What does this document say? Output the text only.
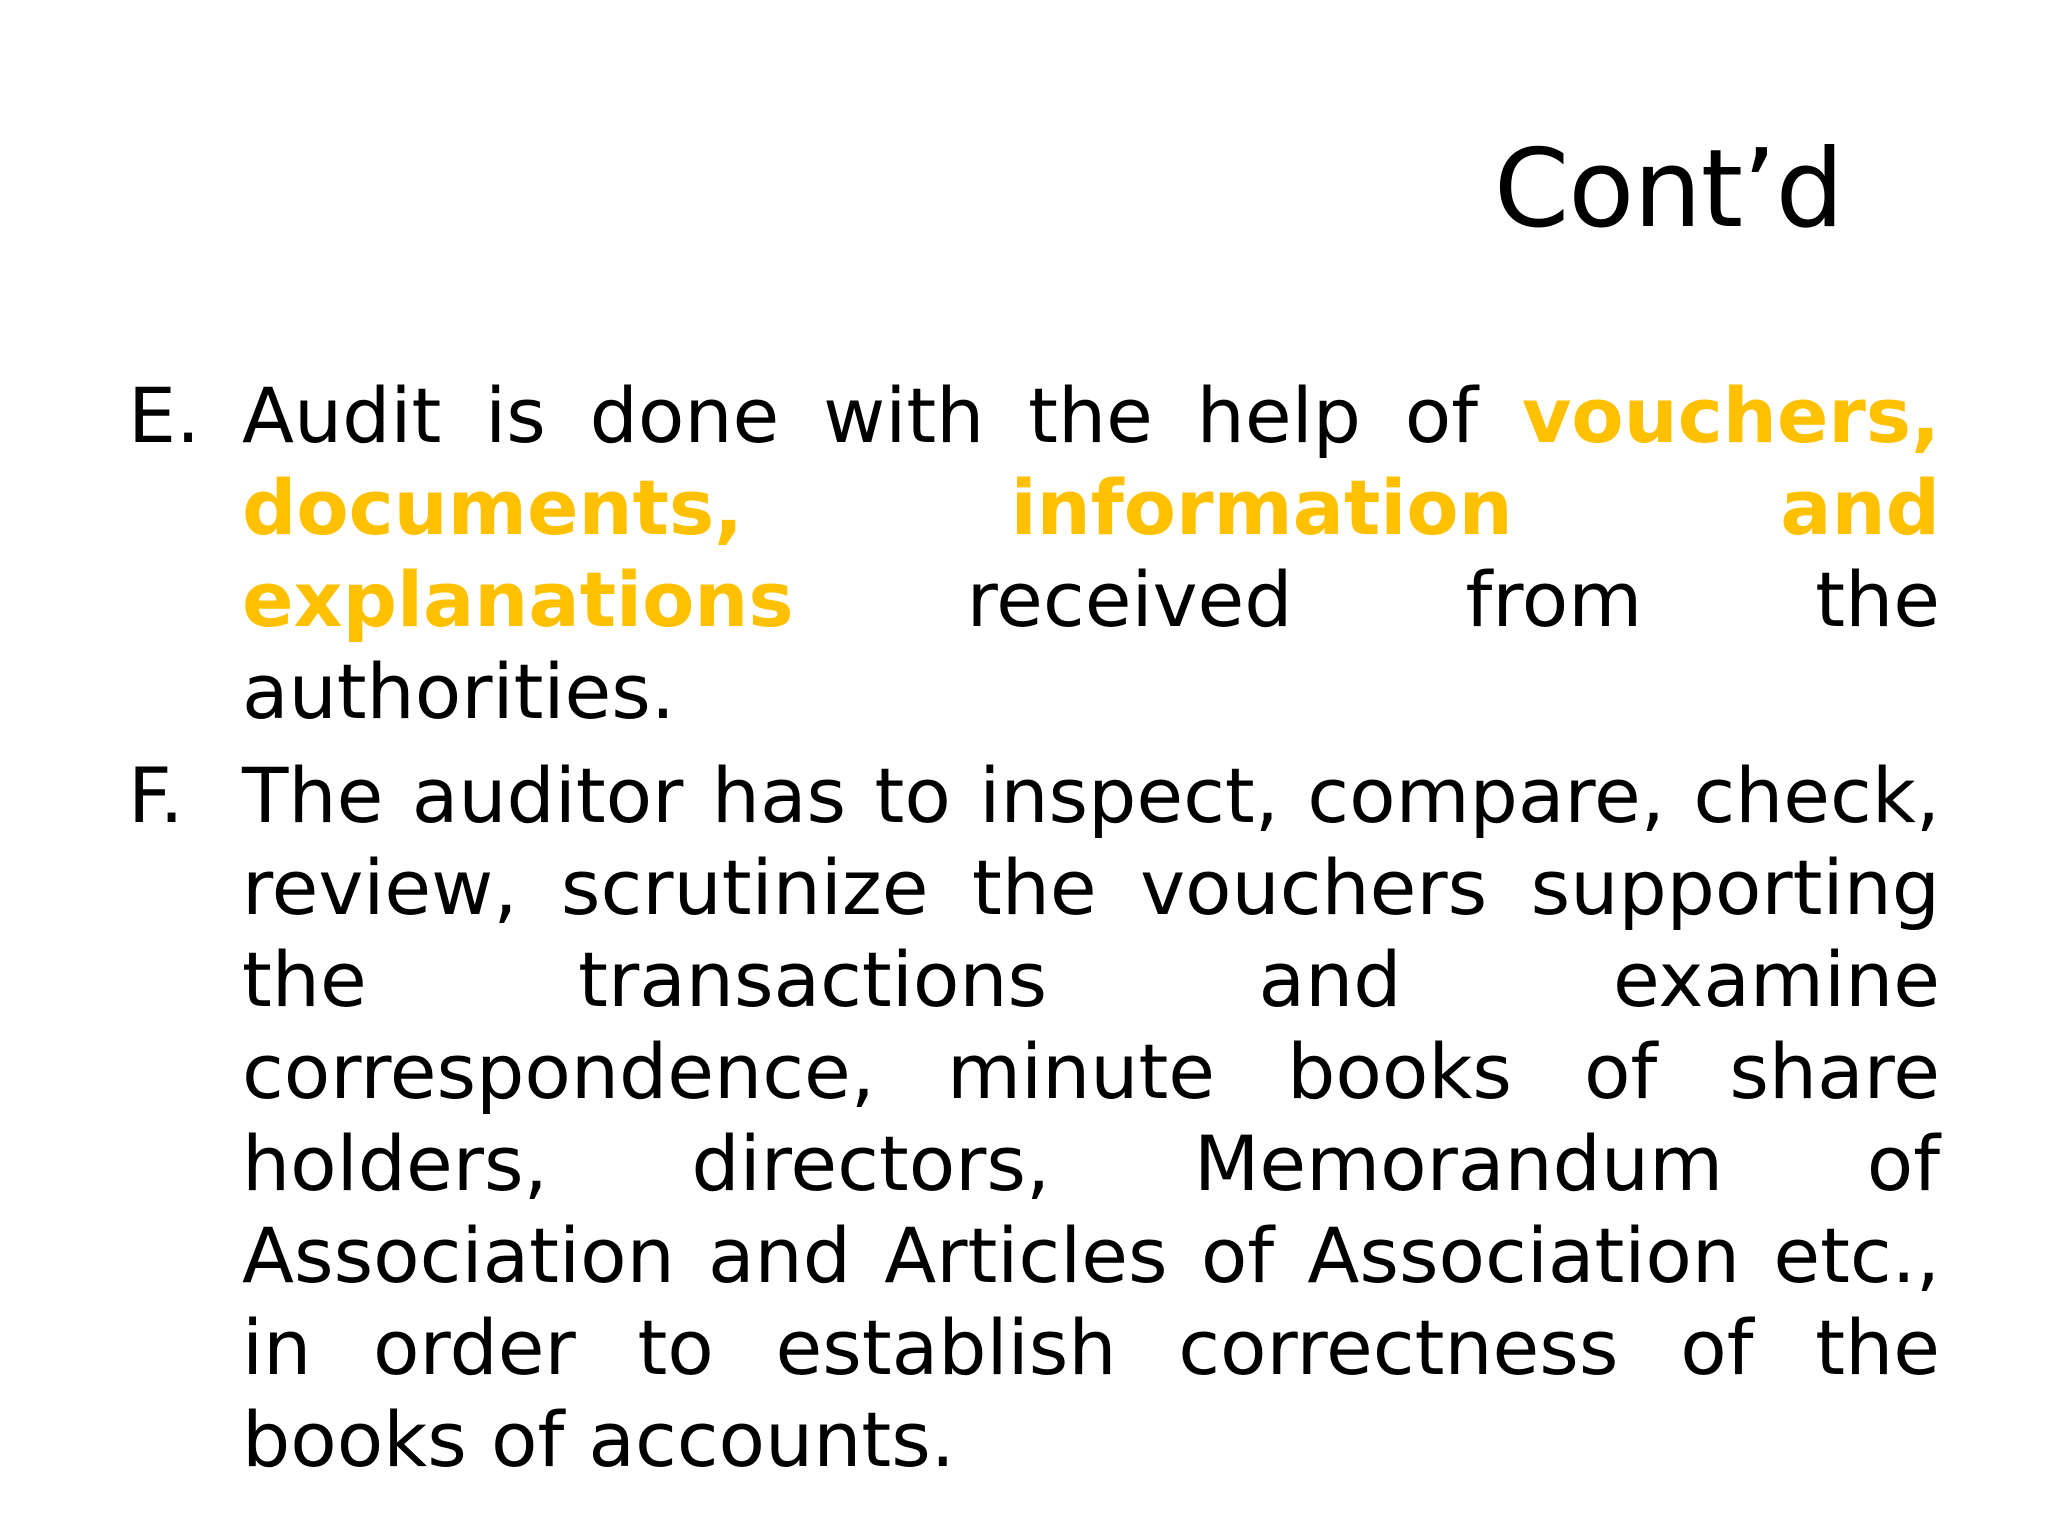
Cont’d
E. Audit is done with the help of vouchers, documents, information and explanations received from the authorities.
F. The auditor has to inspect, compare, check, review, scrutinize the vouchers supporting the transactions and examine correspondence, minute books of share holders, directors, Memorandum of Association and Articles of Association etc., in order to establish correctness of the books of accounts.
